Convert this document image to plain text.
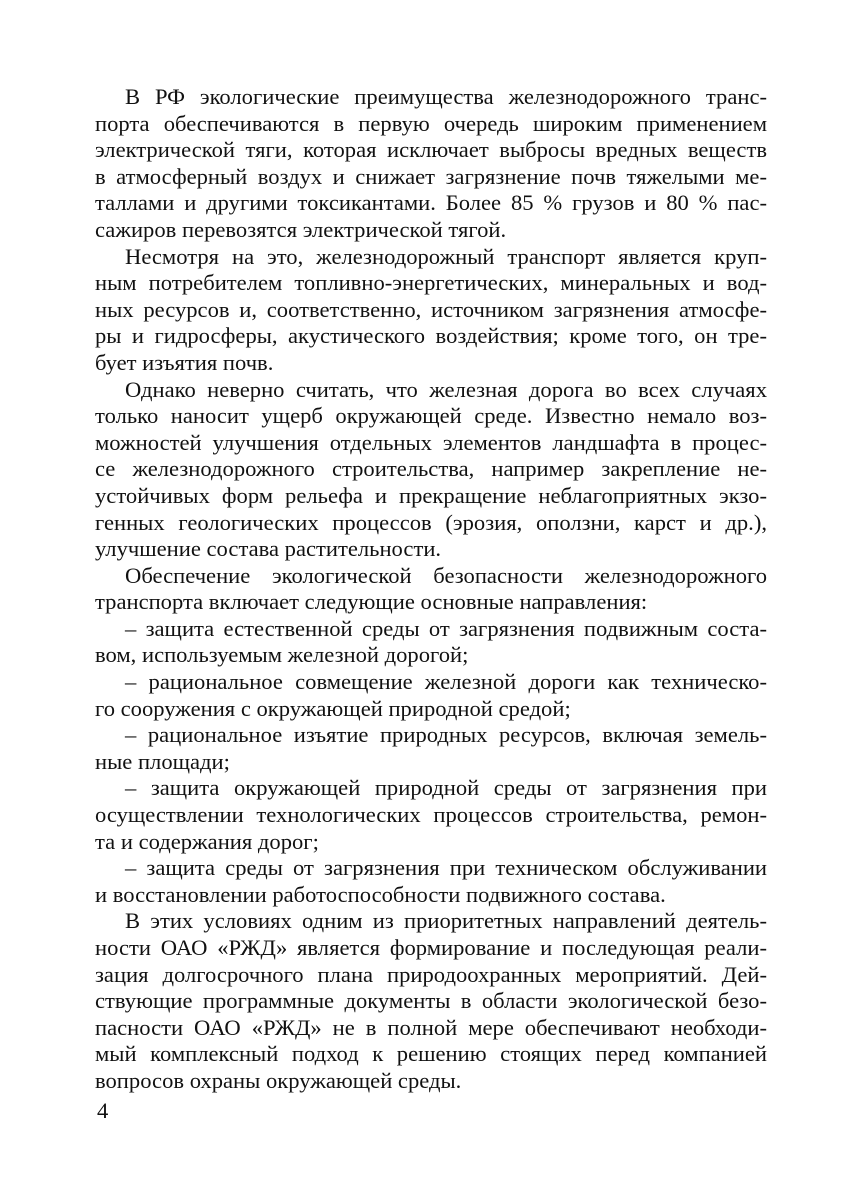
В РФ экологические преимущества железнодорожного транс-
порта обеспечиваются в первую очередь широким применением
электрической тяги, которая исключает выбросы вредных веществ
в атмосферный воздух и снижает загрязнение почв тяжелыми ме-
таллами и другими токсикантами. Более 85 % грузов и 80 % пас-
сажиров перевозятся электрической тягой.
Несмотря на это, железнодорожный транспорт является круп-
ным потребителем топливно-энергетических, минеральных и вод-
ных ресурсов и, соответственно, источником загрязнения атмосфе-
ры и гидросферы, акустического воздействия; кроме того, он тре-
бует изъятия почв.
Однако неверно считать, что железная дорога во всех случаях
только наносит ущерб окружающей среде. Известно немало воз-
можностей улучшения отдельных элементов ландшафта в процес-
се железнодорожного строительства, например закрепление не-
устойчивых форм рельефа и прекращение неблагоприятных экзо-
генных геологических процессов (эрозия, оползни, карст и др.),
улучшение состава растительности.
Обеспечение экологической безопасности железнодорожного
транспорта включает следующие основные направления:
– защита естественной среды от загрязнения подвижным соста-
вом, используемым железной дорогой;
– рациональное совмещение железной дороги как техническо-
го сооружения с окружающей природной средой;
– рациональное изъятие природных ресурсов, включая земель-
ные площади;
– защита окружающей природной среды от загрязнения при
осуществлении технологических процессов строительства, ремон-
та и содержания дорог;
– защита среды от загрязнения при техническом обслуживании
и восстановлении работоспособности подвижного состава.
В этих условиях одним из приоритетных направлений деятель-
ности ОАО «РЖД» является формирование и последующая реали-
зация долгосрочного плана природоохранных мероприятий. Дей-
ствующие программные документы в области экологической безо-
пасности ОАО «РЖД» не в полной мере обеспечивают необходи-
мый комплексный подход к решению стоящих перед компанией
вопросов охраны окружающей среды.
4
